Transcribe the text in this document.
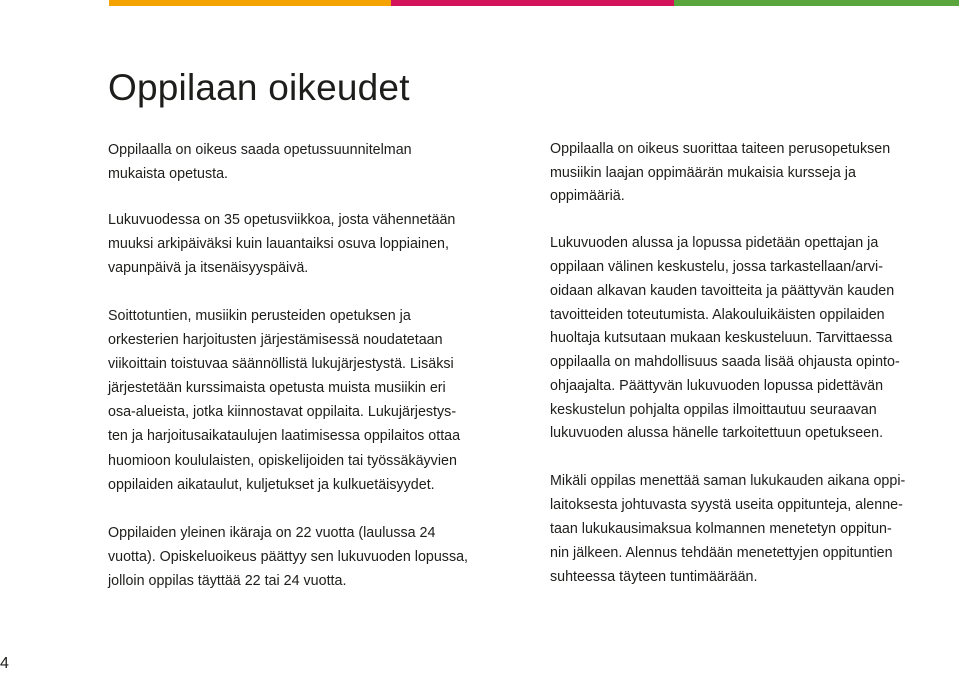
Oppilaan oikeudet

Oppilaalla on oikeus saada opetussuunnitelman
mukaista opetusta.

Lukuvuodessa on 35 opetusviikkoa, josta vähennetään
muuksi arkipäiväksi kuin lauantaiksi osuva loppiainen,
vapunpäivä ja itsenäisyyspäivä.

Soittotuntien, musiikin perusteiden opetuksen ja
orkesterien harjoitusten järjestämisessä noudatetaan
viikoittain toistuvaa säännöllistä lukujärjestystä. Lisäksi
järjestetään kurssimaista opetusta muista musiikin eri
osa-alueista, jotka kiinnostavat oppilaita. Lukujärjestys-
ten ja harjoitusaikataulujen laatimisessa oppilaitos ottaa
huomioon koululaisten, opiskelijoiden tai työssäkäyvien
oppilaiden aikataulut, kuljetukset ja kulkuetäisyydet.

Oppilaiden yleinen ikäraja on 22 vuotta (laulussa 24
vuotta). Opiskeluoikeus päättyy sen lukuvuoden lopussa,
jolloin oppilas täyttää 22 tai 24 vuotta.

Oppilaalla on oikeus suorittaa taiteen perusopetuksen
musiikin laajan oppimäärän mukaisia kursseja ja
oppimääriä.

Lukuvuoden alussa ja lopussa pidetään opettajan ja
oppilaan välinen keskustelu, jossa tarkastellaan/arvi-
oidaan alkavan kauden tavoitteita ja päättyvän kauden
tavoitteiden toteutumista. Alakouluikäisten oppilaiden
huoltaja kutsutaan mukaan keskusteluun. Tarvittaessa
oppilaalla on mahdollisuus saada lisää ohjausta opinto-
ohjaajalta. Päättyvän lukuvuoden lopussa pidettävän
keskustelun pohjalta oppilas ilmoittautuu seuraavan
lukuvuoden alussa hänelle tarkoitettuun opetukseen.

Mikäli oppilas menettää saman lukukauden aikana oppi-
laitoksesta johtuvasta syystä useita oppitunteja, alenne-
taan lukukausimaksua kolmannen menetetyn oppitun-
nin jälkeen. Alennus tehdään menetettyjen oppituntien
suhteessa täyteen tuntimäärään.

4
